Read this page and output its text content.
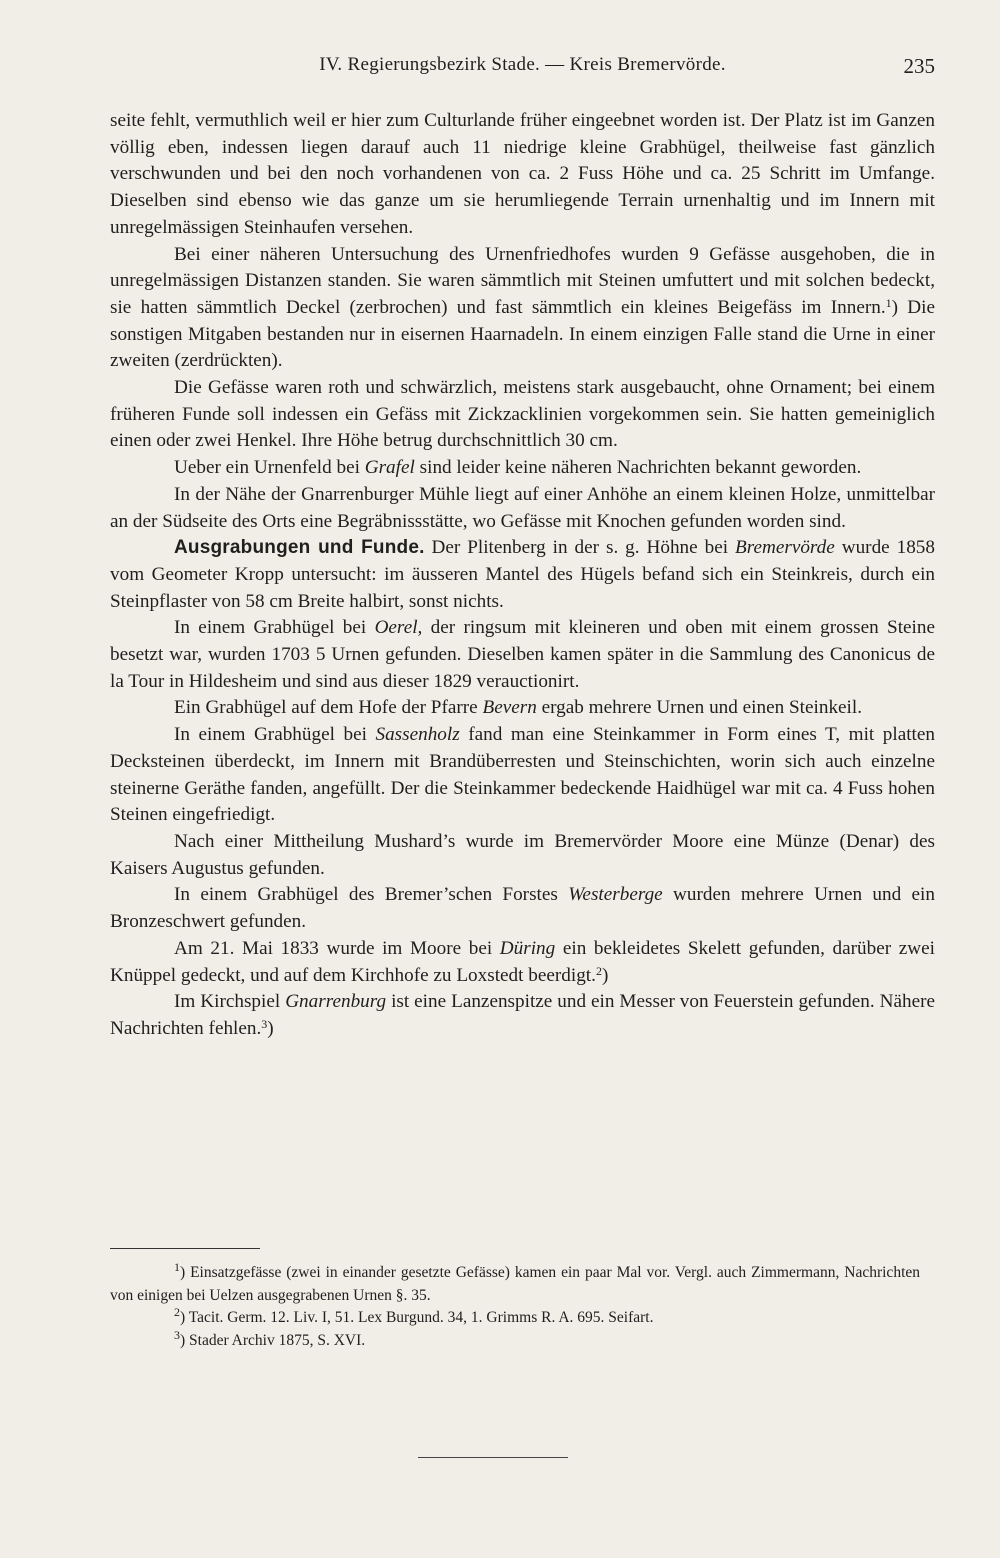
IV. Regierungsbezirk Stade. — Kreis Bremervörde.	235

seite fehlt, vermuthlich weil er hier zum Culturlande früher eingeebnet worden ist. Der Platz ist im Ganzen völlig eben, indessen liegen darauf auch 11 niedrige kleine Grabhügel, theilweise fast gänzlich verschwunden und bei den noch vorhandenen von ca. 2 Fuss Höhe und ca. 25 Schritt im Umfange. Dieselben sind ebenso wie das ganze um sie herumliegende Terrain urnenhaltig und im Innern mit unregelmässigen Steinhaufen versehen.

Bei einer näheren Untersuchung des Urnenfriedhofes wurden 9 Gefässe ausgehoben, die in unregelmässigen Distanzen standen. Sie waren sämmtlich mit Steinen umfuttert und mit solchen bedeckt, sie hatten sämmtlich Deckel (zerbrochen) und fast sämmtlich ein kleines Beigefäss im Innern.$^1$) Die sonstigen Mitgaben bestanden nur in eisernen Haarnadeln. In einem einzigen Falle stand die Urne in einer zweiten (zerdrückten).

Die Gefässe waren roth und schwärzlich, meistens stark ausgebaucht, ohne Ornament; bei einem früheren Funde soll indessen ein Gefäss mit Zickzacklinien vorgekommen sein. Sie hatten gemeiniglich einen oder zwei Henkel. Ihre Höhe betrug durchschnittlich 30 cm.

Ueber ein Urnenfeld bei Grafel sind leider keine näheren Nachrichten bekannt geworden.

In der Nähe der Gnarrenburger Mühle liegt auf einer Anhöhe an einem kleinen Holze, unmittelbar an der Südseite des Orts eine Begräbnissstätte, wo Gefässe mit Knochen gefunden worden sind.

Ausgrabungen und Funde. Der Plitenberg in der s. g. Höhne bei Bremervörde wurde 1858 vom Geometer Kropp untersucht: im äusseren Mantel des Hügels befand sich ein Steinkreis, durch ein Steinpflaster von 58 cm Breite halbirt, sonst nichts.

In einem Grabhügel bei Oerel, der ringsum mit kleineren und oben mit einem grossen Steine besetzt war, wurden 1703 5 Urnen gefunden. Dieselben kamen später in die Sammlung des Canonicus de la Tour in Hildesheim und sind aus dieser 1829 verauctionirt.

Ein Grabhügel auf dem Hofe der Pfarre Bevern ergab mehrere Urnen und einen Steinkeil.

In einem Grabhügel bei Sassenholz fand man eine Steinkammer in Form eines T, mit platten Decksteinen überdeckt, im Innern mit Brandüberresten und Steinschichten, worin sich auch einzelne steinerne Geräthe fanden, angefüllt. Der die Steinkammer bedeckende Haidhügel war mit ca. 4 Fuss hohen Steinen eingefriedigt.

Nach einer Mittheilung Mushard’s wurde im Bremervörder Moore eine Münze (Denar) des Kaisers Augustus gefunden.

In einem Grabhügel des Bremer’schen Forstes Westerberge wurden mehrere Urnen und ein Bronzeschwert gefunden.

Am 21. Mai 1833 wurde im Moore bei Düring ein bekleidetes Skelett gefunden, darüber zwei Knüppel gedeckt, und auf dem Kirchhofe zu Loxstedt beerdigt.$^2$)

Im Kirchspiel Gnarrenburg ist eine Lanzenspitze und ein Messer von Feuerstein gefunden. Nähere Nachrichten fehlen.$^3$)

$^1$) Einsatzgefässe (zwei in einander gesetzte Gefässe) kamen ein paar Mal vor. Vergl. auch Zimmermann, Nachrichten von einigen bei Uelzen ausgegrabenen Urnen §. 35.

$^2$) Tacit. Germ. 12. Liv. I, 51. Lex Burgund. 34, 1. Grimms R. A. 695. Seifart.

$^3$) Stader Archiv 1875, S. XVI.
